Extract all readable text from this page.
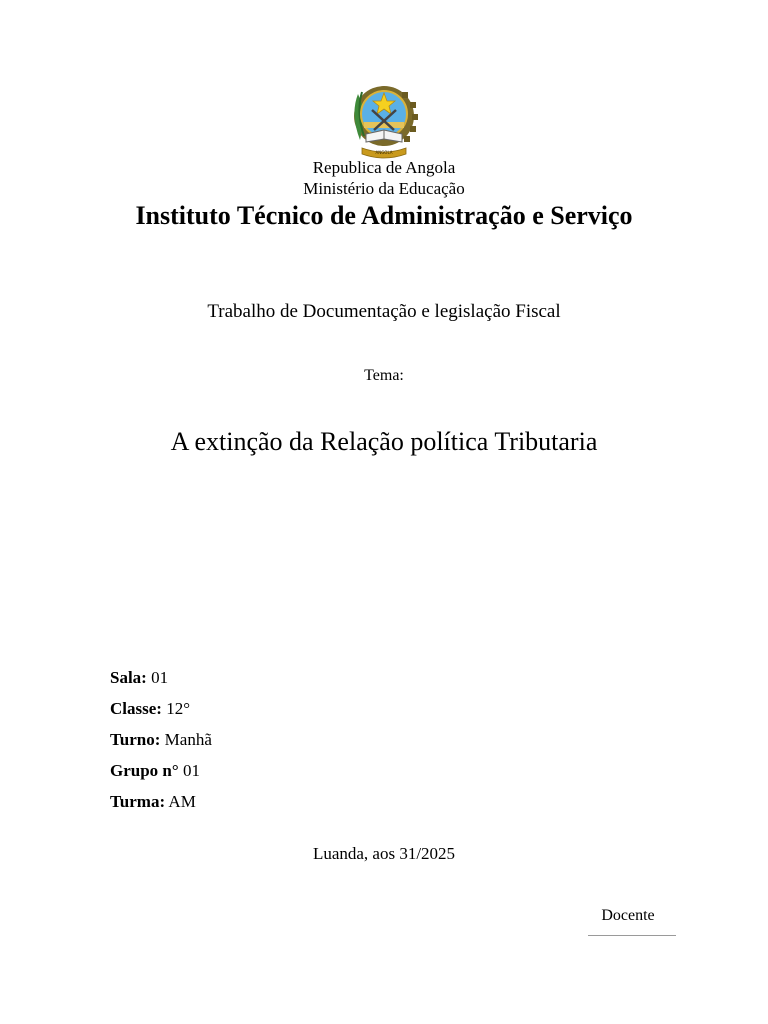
ANGOLA
Republica de Angola
Ministério da Educação
Instituto Técnico de Administração e Serviço
Trabalho de Documentação e legislação Fiscal
Tema:
A extinção da Relação política Tributaria
Sala: 01
Classe: 12°
Turno: Manhã
Grupo n° 01
Turma: AM
Luanda, aos 31/2025
Docente
